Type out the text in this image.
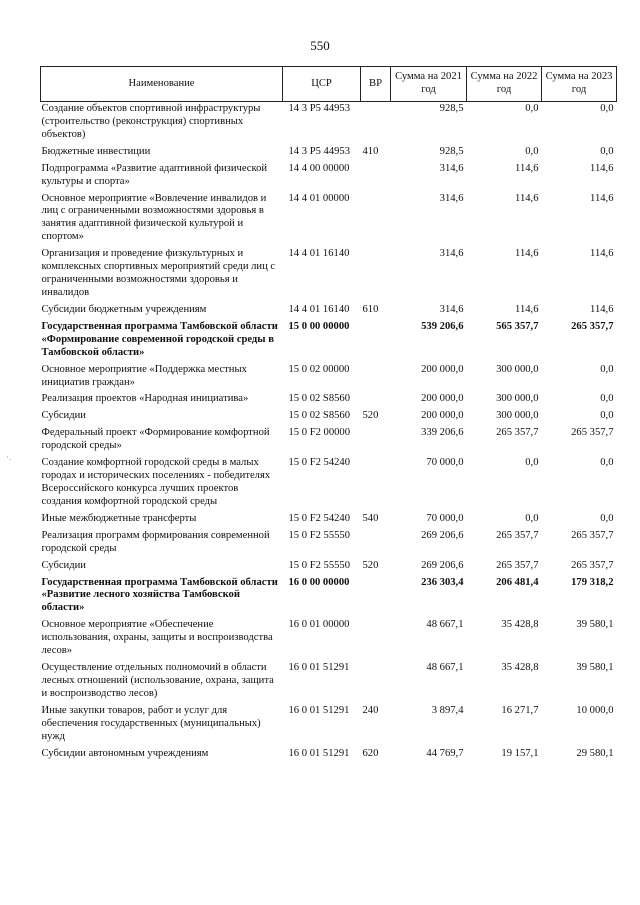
550
Наименование	ЦСР	ВР	Сумма на 2021 год	Сумма на 2022 год	Сумма на 2023 год
Создание объектов спортивной инфраструктуры (строительство (реконструкция) спортивных объектов)	14 3 P5 44953		928,5	0,0	0,0
Бюджетные инвестиции	14 3 P5 44953	410	928,5	0,0	0,0
Подпрограмма «Развитие адаптивной физической культуры и спорта»	14 4 00 00000		314,6	114,6	114,6
Основное мероприятие «Вовлечение инвалидов и лиц с ограниченными возможностями здоровья в занятия адаптивной физической культурой и спортом»	14 4 01 00000		314,6	114,6	114,6
Организация и проведение физкультурных и комплексных спортивных мероприятий среди лиц с ограниченными возможностями здоровья и инвалидов	14 4 01 16140		314,6	114,6	114,6
Субсидии бюджетным учреждениям	14 4 01 16140	610	314,6	114,6	114,6
Государственная программа Тамбовской области «Формирование современной городской среды в Тамбовской области»	15 0 00 00000		539 206,6	565 357,7	265 357,7
Основное мероприятие «Поддержка местных инициатив граждан»	15 0 02 00000		200 000,0	300 000,0	0,0
Реализация проектов «Народная инициатива»	15 0 02 S8560		200 000,0	300 000,0	0,0
Субсидии	15 0 02 S8560	520	200 000,0	300 000,0	0,0
Федеральный проект «Формирование комфортной городской среды»	15 0 F2 00000		339 206,6	265 357,7	265 357,7
Создание комфортной городской среды в малых городах и исторических поселениях - победителях Всероссийского конкурса лучших проектов создания комфортной городской среды	15 0 F2 54240		70 000,0	0,0	0,0
Иные межбюджетные трансферты	15 0 F2 54240	540	70 000,0	0,0	0,0
Реализация программ формирования современной городской среды	15 0 F2 55550		269 206,6	265 357,7	265 357,7
Субсидии	15 0 F2 55550	520	269 206,6	265 357,7	265 357,7
Государственная программа Тамбовской области «Развитие лесного хозяйства Тамбовской области»	16 0 00 00000		236 303,4	206 481,4	179 318,2
Основное мероприятие «Обеспечение использования, охраны, защиты и воспроизводства лесов»	16 0 01 00000		48 667,1	35 428,8	39 580,1
Осуществление отдельных полномочий в области лесных отношений (использование, охрана, защита и воспроизводство лесов)	16 0 01 51291		48 667,1	35 428,8	39 580,1
Иные закупки товаров, работ и услуг для обеспечения государственных (муниципальных) нужд	16 0 01 51291	240	3 897,4	16 271,7	10 000,0
Субсидии автономным учреждениям	16 0 01 51291	620	44 769,7	19 157,1	29 580,1
·.
